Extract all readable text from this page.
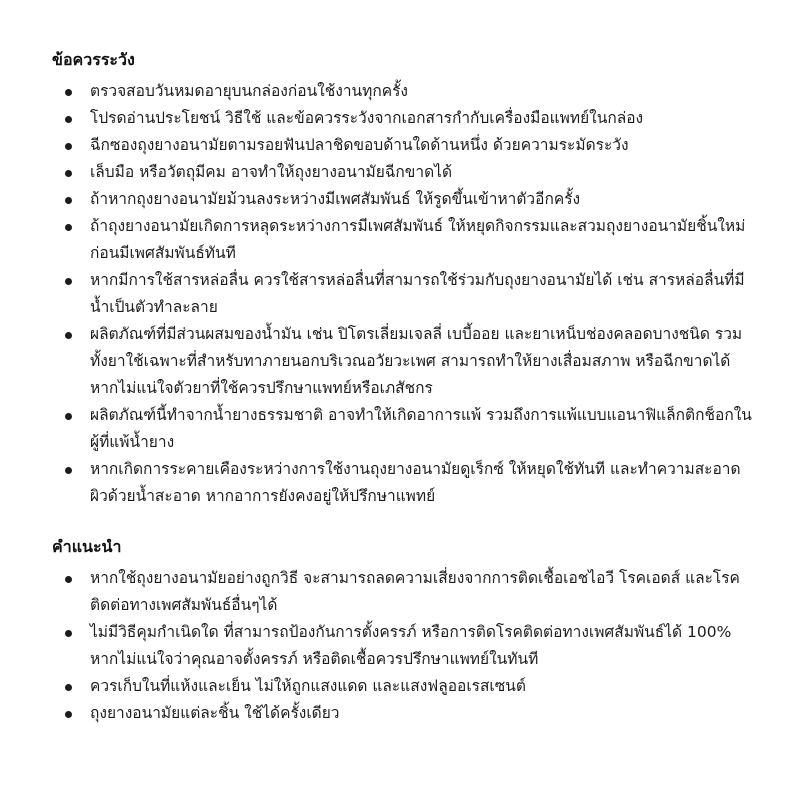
ข้อควรระวัง
ตรวจสอบวันหมดอายุบนกล่องก่อนใช้งานทุกครั้ง
โปรดอ่านประโยชน์ วิธีใช้ และข้อควรระวังจากเอกสารกำกับเครื่องมือแพทย์ในกล่อง
ฉีกซองถุงยางอนามัยตามรอยฟันปลาชิดขอบด้านใดด้านหนึ่ง ด้วยความระมัดระวัง
เล็บมือ หรือวัตถุมีคม อาจทำให้ถุงยางอนามัยฉีกขาดได้
ถ้าหากถุงยางอนามัยม้วนลงระหว่างมีเพศสัมพันธ์ ให้รูดขึ้นเข้าหาตัวอีกครั้ง
ถ้าถุงยางอนามัยเกิดการหลุดระหว่างการมีเพศสัมพันธ์ ให้หยุดกิจกรรมและสวมถุงยางอนามัยชิ้นใหม่ก่อนมีเพศสัมพันธ์ทันที
หากมีการใช้สารหล่อลื่น ควรใช้สารหล่อลื่นที่สามารถใช้ร่วมกับถุงยางอนามัยได้ เช่น สารหล่อลื่นที่มีน้ำเป็นตัวทำละลาย
ผลิตภัณฑ์ที่มีส่วนผสมของน้ำมัน เช่น ปิโตรเลี่ยมเจลลี่ เบบี้ออย และยาเหน็บช่องคลอดบางชนิด รวมทั้งยาใช้เฉพาะที่สำหรับทาภายนอกบริเวณอวัยวะเพศ สามารถทำให้ยางเสื่อมสภาพ หรือฉีกขาดได้ หากไม่แน่ใจตัวยาที่ใช้ควรปรึกษาแพทย์หรือเภสัชกร
ผลิตภัณฑ์นี้ทำจากน้ำยางธรรมชาติ อาจทำให้เกิดอาการแพ้ รวมถึงการแพ้แบบแอนาฟิแล็กติกช็อกในผู้ที่แพ้น้ำยาง
หากเกิดการระคายเคืองระหว่างการใช้งานถุงยางอนามัยดูเร็กซ์ ให้หยุดใช้ทันที และทำความสะอาดผิวด้วยน้ำสะอาด หากอาการยังคงอยู่ให้ปรึกษาแพทย์
คำแนะนำ
หากใช้ถุงยางอนามัยอย่างถูกวิธี จะสามารถลดความเสี่ยงจากการติดเชื้อเอชไอวี โรคเอดส์ และโรคติดต่อทางเพศสัมพันธ์อื่นๆได้
ไม่มีวิธีคุมกำเนิดใด ที่สามารถป้องกันการตั้งครรภ์ หรือการติดโรคติดต่อทางเพศสัมพันธ์ได้ 100% หากไม่แน่ใจว่าคุณอาจตั้งครรภ์ หรือติดเชื้อควรปรึกษาแพทย์ในทันที
ควรเก็บในที่แห้งและเย็น ไม่ให้ถูกแสงแดด และแสงฟลูออเรสเซนต์
ถุงยางอนามัยแต่ละชิ้น ใช้ได้ครั้งเดียว
